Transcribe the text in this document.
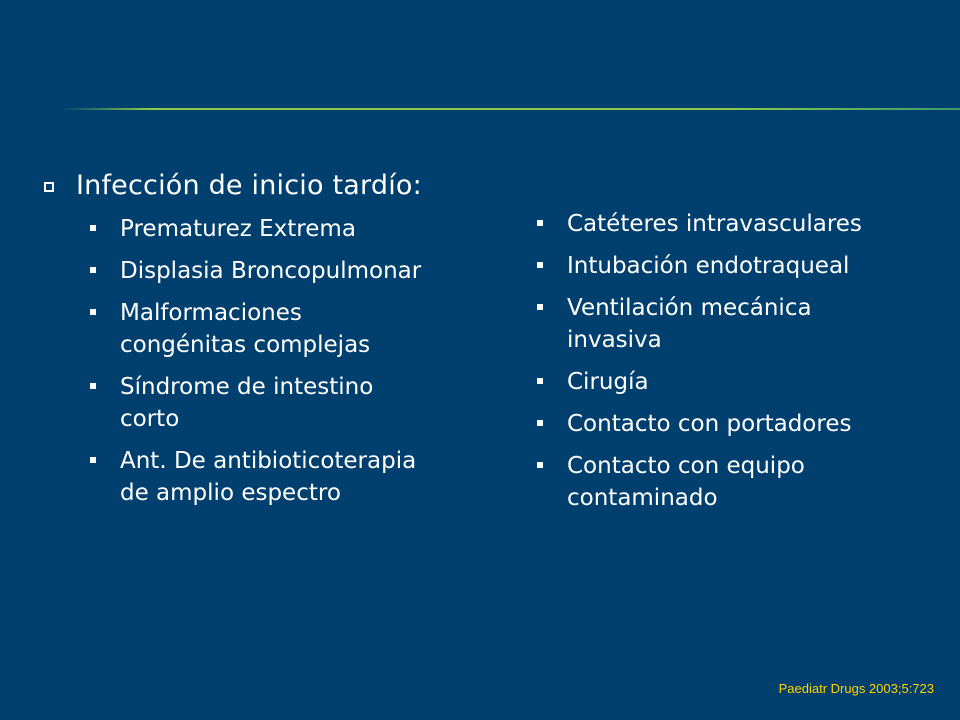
Infección de inicio tardío:
Prematurez Extrema
Displasia Broncopulmonar
Malformaciones
congénitas complejas
Síndrome de intestino
corto
Ant. De antibioticoterapia
de amplio espectro
Catéteres intravasculares
Intubación endotraqueal
Ventilación mecánica
invasiva
Cirugía
Contacto con portadores
Contacto con equipo
contaminado
Paediatr Drugs 2003;5:723
